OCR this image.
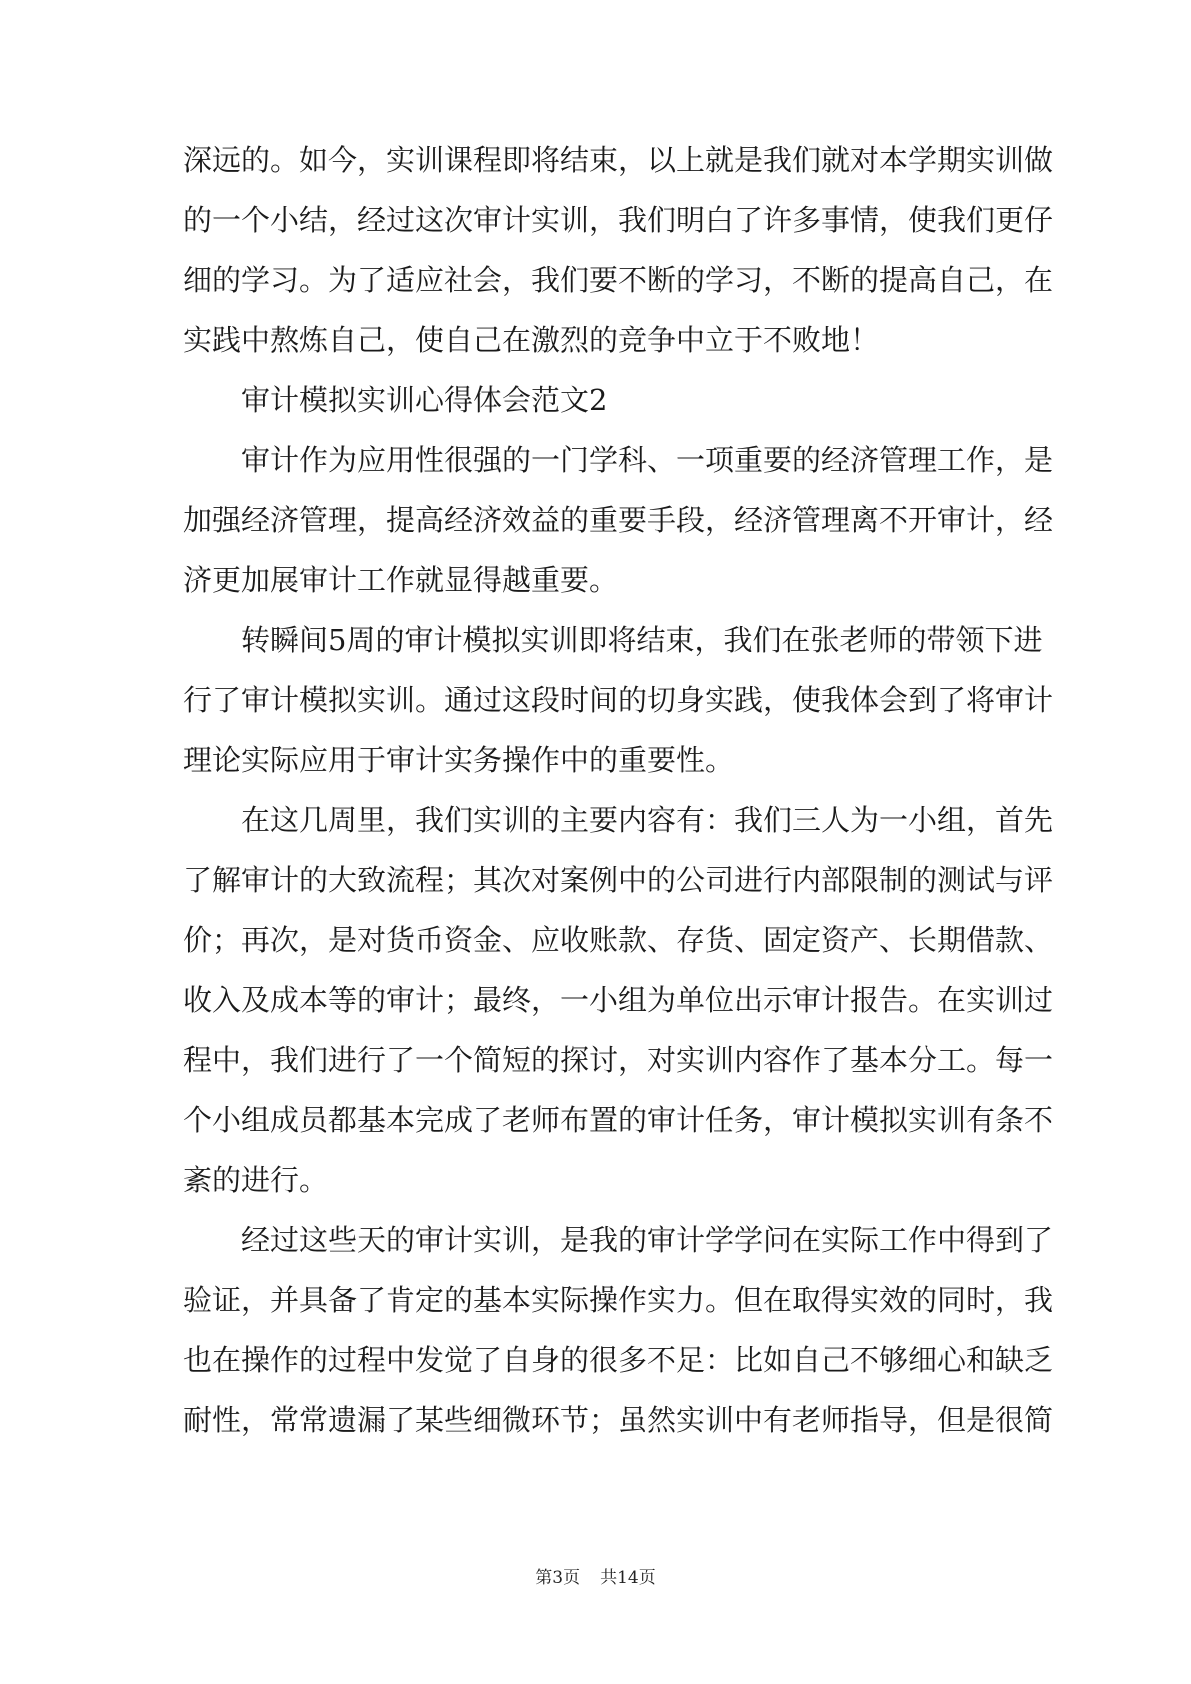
深远的。如今，实训课程即将结束，以上就是我们就对本学期实训做
的一个小结，经过这次审计实训，我们明白了许多事情，使我们更仔
细的学习。为了适应社会，我们要不断的学习，不断的提高自己，在
实践中熬炼自己，使自己在激烈的竞争中立于不败地！
审计模拟实训心得体会范文2
审计作为应用性很强的一门学科、一项重要的经济管理工作，是
加强经济管理，提高经济效益的重要手段，经济管理离不开审计，经
济更加展审计工作就显得越重要。
转瞬间5周的审计模拟实训即将结束，我们在张老师的带领下进
行了审计模拟实训。通过这段时间的切身实践，使我体会到了将审计
理论实际应用于审计实务操作中的重要性。
在这几周里，我们实训的主要内容有：我们三人为一小组，首先
了解审计的大致流程；其次对案例中的公司进行内部限制的测试与评
价；再次，是对货币资金、应收账款、存货、固定资产、长期借款、
收入及成本等的审计；最终，一小组为单位出示审计报告。在实训过
程中，我们进行了一个简短的探讨，对实训内容作了基本分工。每一
个小组成员都基本完成了老师布置的审计任务，审计模拟实训有条不
紊的进行。
经过这些天的审计实训，是我的审计学学问在实际工作中得到了
验证，并具备了肯定的基本实际操作实力。但在取得实效的同时，我
也在操作的过程中发觉了自身的很多不足：比如自己不够细心和缺乏
耐性，常常遗漏了某些细微环节；虽然实训中有老师指导，但是很简
第3页 共14页
